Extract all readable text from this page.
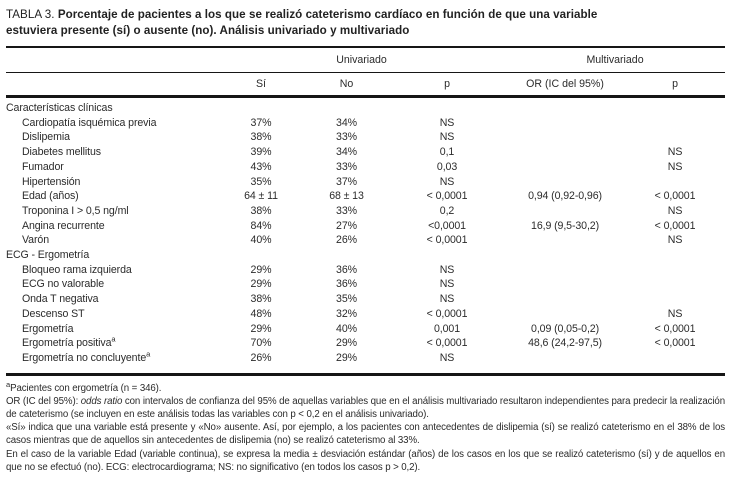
TABLA 3. Porcentaje de pacientes a los que se realizó cateterismo cardíaco en función de que una variable
estuviera presente (sí) o ausente (no). Análisis univariado y multivariado
	Univariado			Multivariado	
	Sí	No	p	OR (IC del 95%)	p
Características clínicas					
Cardiopatía isquémica previa	37%	34%	NS		
Dislipemia	38%	33%	NS		
Diabetes mellitus	39%	34%	0,1		NS
Fumador	43%	33%	0,03		NS
Hipertensión	35%	37%	NS		
Edad (años)	64 ± 11	68 ± 13	< 0,0001	0,94 (0,92-0,96)	< 0,0001
Troponina I > 0,5 ng/ml	38%	33%	0,2		NS
Angina recurrente	84%	27%	<0,0001	16,9 (9,5-30,2)	< 0,0001
Varón	40%	26%	< 0,0001		NS
ECG - Ergometría					
Bloqueo rama izquierda	29%	36%	NS		
ECG no valorable	29%	36%	NS		
Onda T negativa	38%	35%	NS		
Descenso ST	48%	32%	< 0,0001		NS
Ergometría	29%	40%	0,001	0,09 (0,05-0,2)	< 0,0001
Ergometría positiva$^a$	70%	29%	< 0,0001	48,6 (24,2-97,5)	< 0,0001
Ergometría no concluyente$^a$	26%	29%	NS		

$^a$Pacientes con ergometría (n = 346).

OR (IC del 95%): odds ratio con intervalos de confianza del 95% de aquellas variables que en el análisis multivariado resultaron independientes para predecir la realización de cateterismo (se incluyen en este análisis todas las variables con p < 0,2 en el análisis univariado).

«Sí» indica que una variable está presente y «No» ausente. Así, por ejemplo, a los pacientes con antecedentes de dislipemia (sí) se realizó cateterismo en el 38% de los casos mientras que de aquellos sin antecedentes de dislipemia (no) se realizó cateterismo al 33%.

En el caso de la variable Edad (variable continua), se expresa la media ± desviación estándar (años) de los casos en los que se realizó cateterismo (sí) y de aquellos en que no se efectuó (no). ECG: electrocardiograma; NS: no significativo (en todos los casos p > 0,2).
